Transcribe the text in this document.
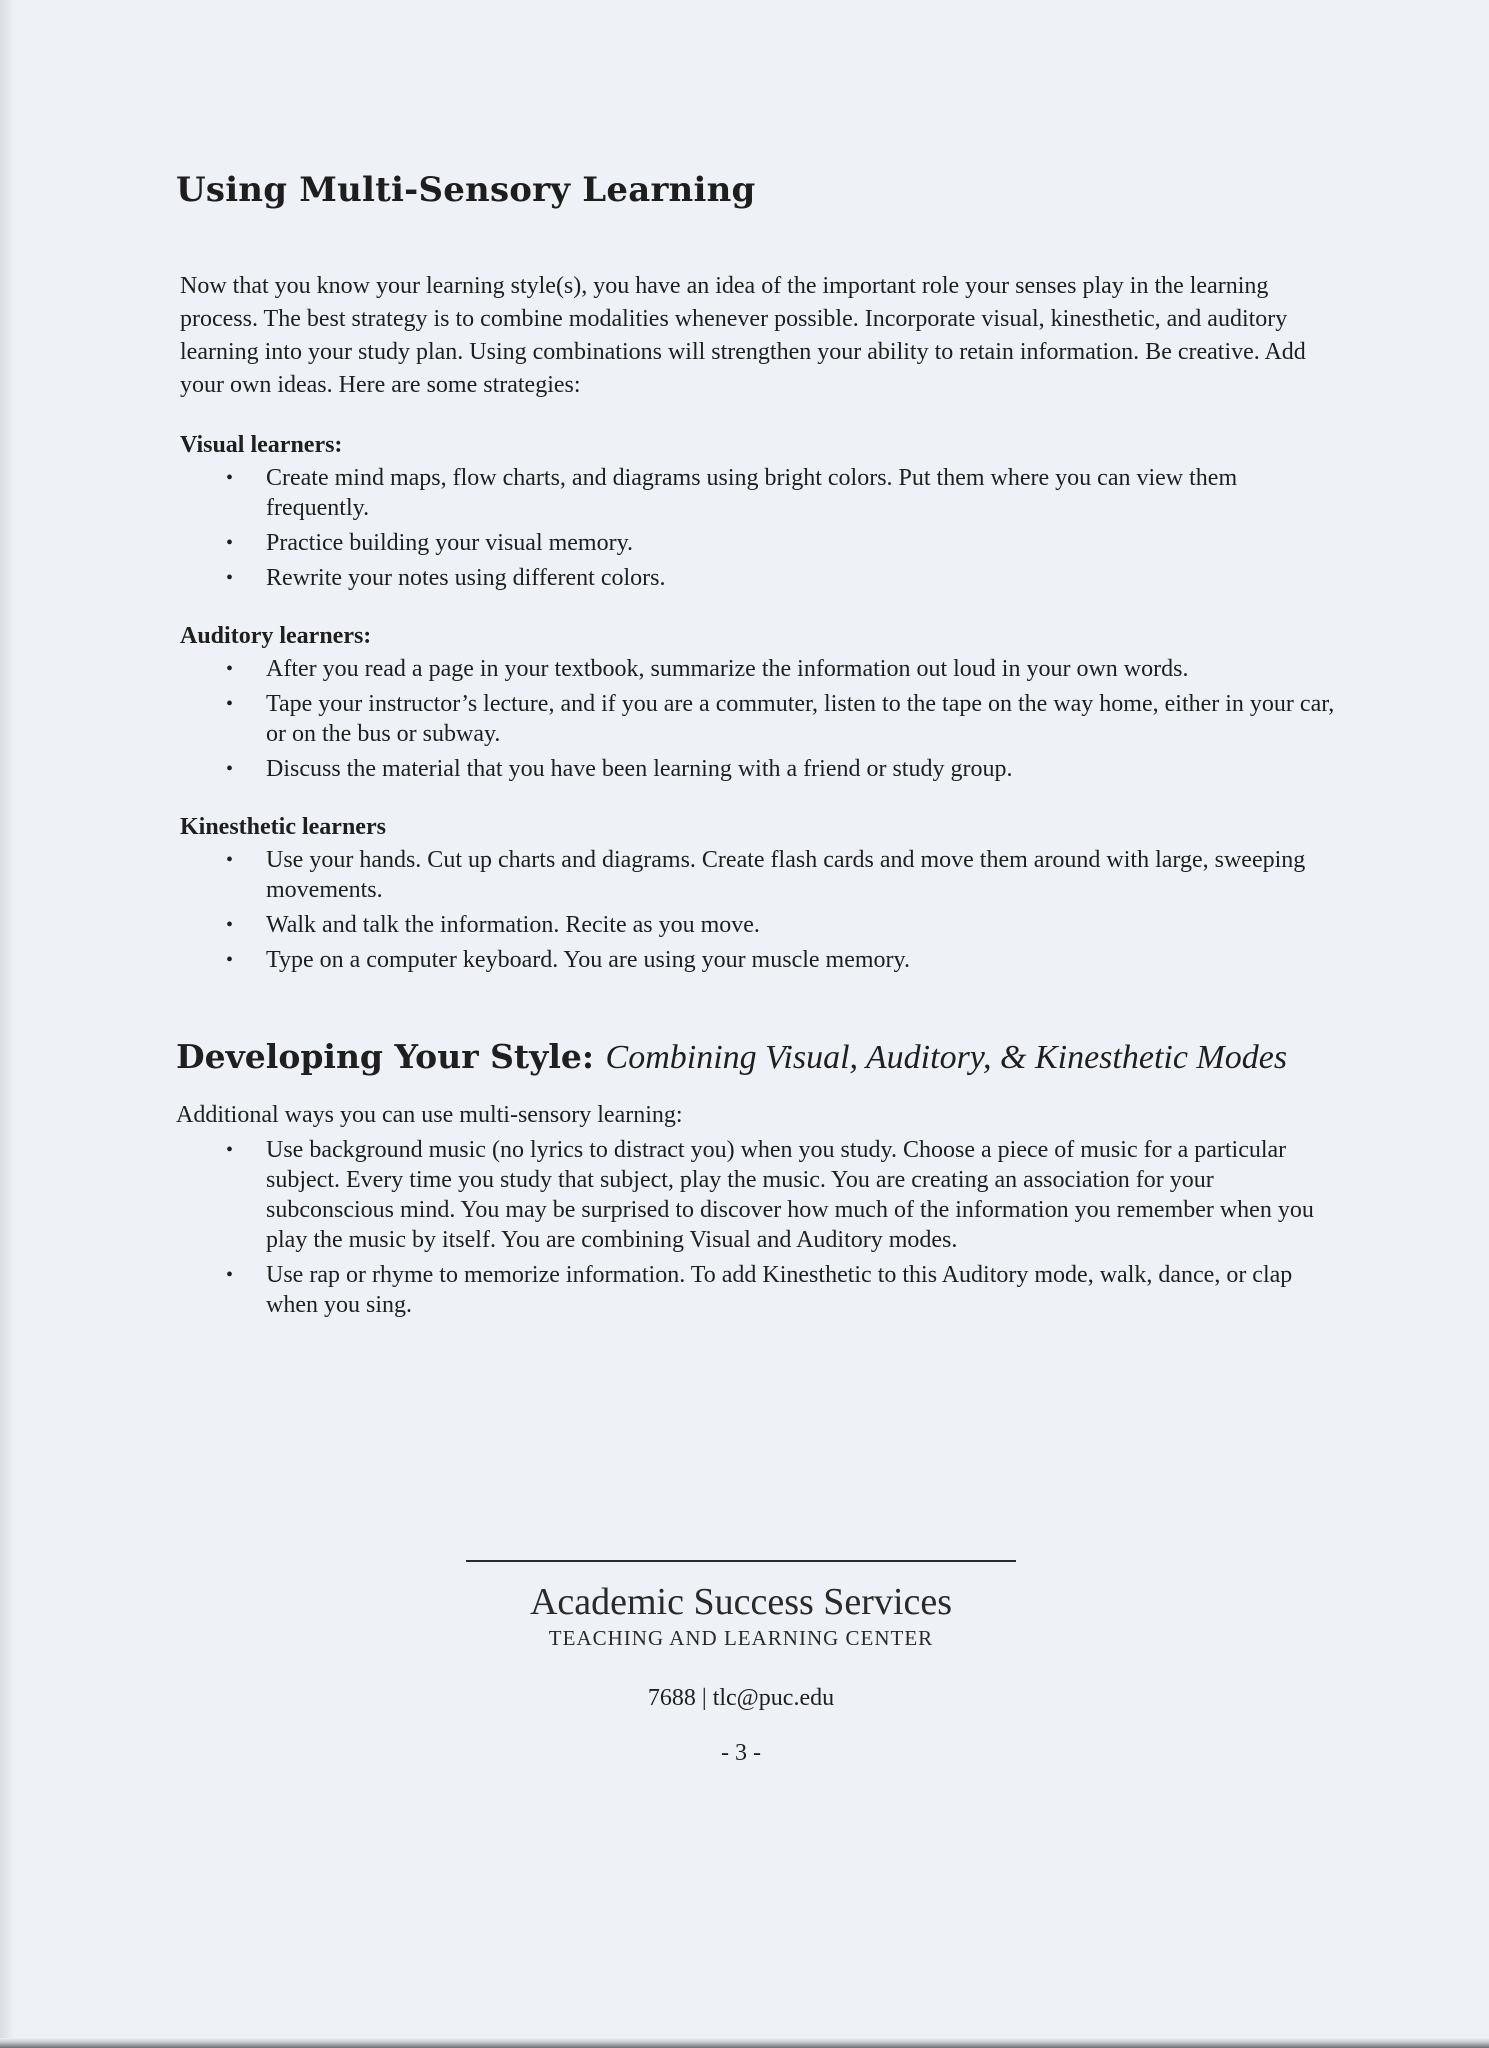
Using Multi-Sensory Learning

Now that you know your learning style(s), you have an idea of the important role your senses play in the learning process. The best strategy is to combine modalities whenever possible. Incorporate visual, kinesthetic, and auditory learning into your study plan. Using combinations will strengthen your ability to retain information. Be creative. Add your own ideas. Here are some strategies:

Visual learners:
• Create mind maps, flow charts, and diagrams using bright colors. Put them where you can view them frequently.
• Practice building your visual memory.
• Rewrite your notes using different colors.
Auditory learners:
• After you read a page in your textbook, summarize the information out loud in your own words.
• Tape your instructor’s lecture, and if you are a commuter, listen to the tape on the way home, either in your car, or on the bus or subway.
• Discuss the material that you have been learning with a friend or study group.
Kinesthetic learners
• Use your hands. Cut up charts and diagrams. Create flash cards and move them around with large, sweeping movements.
• Walk and talk the information. Recite as you move.
• Type on a computer keyboard. You are using your muscle memory.
Developing Your Style: Combining Visual, Auditory, & Kinesthetic Modes

Additional ways you can use multi-sensory learning:

• Use background music (no lyrics to distract you) when you study. Choose a piece of music for a particular subject. Every time you study that subject, play the music. You are creating an association for your subconscious mind. You may be surprised to discover how much of the information you remember when you play the music by itself. You are combining Visual and Auditory modes.
• Use rap or rhyme to memorize information. To add Kinesthetic to this Auditory mode, walk, dance, or clap when you sing.
Academic Success Services
TEACHING AND LEARNING CENTER
7688 | tlc@puc.edu
- 3 -
